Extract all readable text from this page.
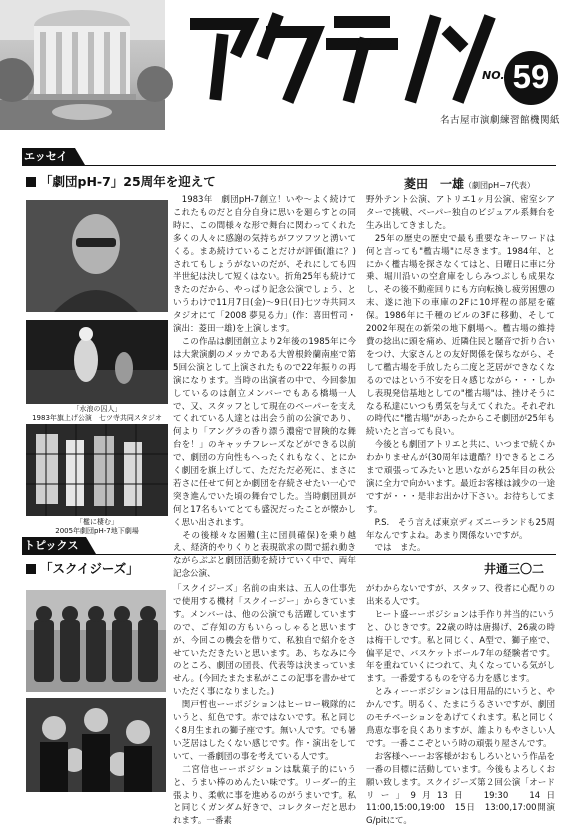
アクテノン
NO. 59
名古屋市演劇練習館機関紙
エッセイ
「劇団pH-7」25周年を迎えて	菱田　一雄（劇団pH−7代表）
「水浪の囚人」
1983年旗上げ公演　七ツ寺共同スタジオ
「檻に棲む」
2005年劇団pH-7地下劇場

　1983年　劇団pH-7創立！いや～よく続けてこれたものだと自分自身に思いを廻らすとの同時に、この間様々な形で舞台に関わってくれた多くの人々に感謝の気持ちがフツフツと湧いてくる。まあ続けていることだけが評価(誰に？)されてもしょうがないのだが、それにしても四半世紀は決して短くはない。折角25年も続けてきたのだから、やっぱり記念公演でしょう、というわけで11月7日(金)～9日(日)七ツ寺共同スタジオにて「2008 夢見る力」(作：喜田哲司・演出：菱田一雄)を上演します。

　この作品は劇団創立より2年後の1985年に今は大衆演劇のメッカである大曽根鈴蘭南座で第5回公演として上演されたもので22年振りの再演になります。当時の出演者の中で、今回参加しているのは創立メンバーでもある橋場一人で、又、スタッフとして現在のベーパーを支えてくれている人達とは出会う前の公演であり、何より「アングラの香り漂う濃密で冒険的な舞台を！」のキャッチフレーズなどができる以前で、劇団の方向性もへったくれもなく、とにかく劇団を旗上げして、ただただ必死に、まさに若さに任せて何とか劇団を存続させたい一心で突き進んでいた頃の舞台でした。当時劇団員が何と17名もいてとても盛況だったことが懐かしく思い出されます。

　その後様々な困難(主に団員確保)を乗り越え、経済的やりくりと表現欲求の間で揺れ動きながらぶぶと劇団活動を続けていく中で、両年記念公演、

野外テント公演、アトリエ1ヶ月公演、密室シアターで挑戦、ベーパー独自のビジュアル系舞台を生み出してきました。

　25年の歴史の歴史で最も重要なキーワードは何と言っても"檻古場"に尽きます。1984年、とにかく檻古場を探さなくてはと、日曜日に車に分乗、堀川沿いの空倉庫をしらみつぶしも成果なし、その後不動産回りにも方向転換し疲労困憊の末、遂に池下の車庫の2Fに10坪程の部屋を確保。1986年に千種のビルの3Fに移動、そして2002年現在の新栄の地下劇場へ。檻古場の維持費の捻出に頭を痛め、近隣住民と騒音で折り合いをつけ、大家さんとの友好関係を保ちながら、そして檻古場を手放したら二度と芝居ができなくなるのではという不安を日々感じながら・・・しかし表現発信基地としての"檻古場"は、挫けそうになる私達にいつも勇気を与えてくれた。それぞれの時代に"檻古場"があったからこそ劇団が25年も続いたと言っても良い。

　今後とも劇団アトリエと共に、いつまで続くかわかりませんが(30周年は遺酷？!)できるところまで頑張ってみたいと思いながら25年目の秋公演に全力で向かいます。最近お客様は減少の一途ですが・・・是非お出かけ下さい。お待ちしてます。

　P.S.　そう言えば東京ディズニーランドも25周年なんですよね。あまり関係ないですが。

　では　また。

トピックス
「スクイジーズ」	井通三〇二

「スクイジーズ」名前の由来は、五人の仕事先で使用する機材「スクイージー」からきています。メンバーは、他の公演でも活躍していますので、ご存知の方もいらっしゃると思いますが、今回この機会を借りて、私独自で紹介をさせていただきたいと思います。あ、ちなみに今のところ、劇団の団長、代表等は決まっていません。(今回たまたま私がここの記事を書かせていただく事になりました。)

　関戸哲也ーーポジションはヒーロー戦隊的にいうと、紅色です。赤ではないです。私と同じく8月生まれの獅子座です。無い人です。でも暑い芝居はしたくない感じです。作・演出をしていて、一番劇団の事を考えている人です。

　二宮信也ーーポジションは駄菓子的にいうと、うまい棒のめんたい味です。リーダー的主張より、柔軟に事を進めるのがうまいです。私と同じくガンダム好きで、コレクターだと思われます。一番素

がわからないですが、スタッフ、役者に心配りの出来る人です。

　ヒート盛ーーポジションは手作り丼当的にいうと、ひじきです。22歳の時は唐揚げ、26歳の時は梅干しです。私と同じく、A型で、獅子座で、偏平足で、バスケットボール7年の経験者です。年を重ねていくにつれて、丸くなっている気がします。一番愛するものを守る力を感じます。

　とみィーーポジションは日用品的にいうと、やかんです。明るく、たまにうるさいですが、劇団のモチベーションをあげてくれます。私と同じく鳥恵な事を良くありますが、誰よりもやさしい人です。一番ここぞという時の頑張り屋さんです。

　お客様へーーお客様がおもしろいという作品を一番の目標に活動しています。今後もよろしくお願い致します。スクイジーズ第２回公演「オードリー」9月13日　19:30　14日　11:00,15:00,19:00　15日　13:00,17:00開演　G/pitにて。
